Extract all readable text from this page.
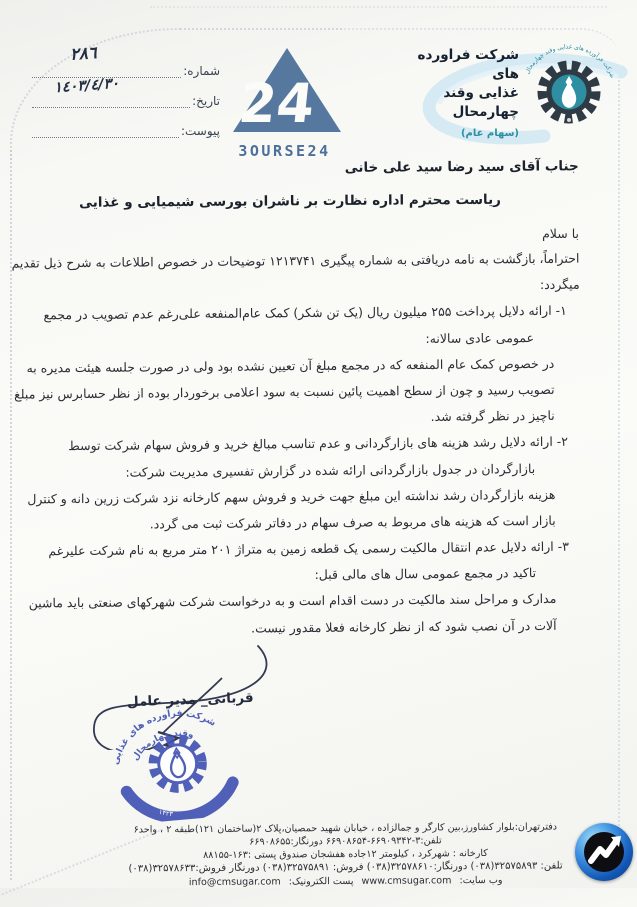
شماره:
٢٨٦
تاریخ:
١٤٠٣/٤/٣٠
پیوست:
شرکت فرآورده های غذایی وقند چهارمحال
شرکت فراورده های
غذایی وقند
چهارمحال
(سهام عام)
24
3OURSE24
جناب آقای سید رضا سید علی خانی
ریاست محترم اداره نظارت بر ناشران بورسی شیمیایی و غذایی
با سلام
احتراماً، بازگشت به نامه دریافتی به شماره پیگیری ۱۲۱۳۷۴۱ توضیحات در خصوص اطلاعات به شرح ذیل تقدیم
میگردد:
۱- ارائه دلایل پرداخت ۲۵۵ میلیون ریال (یک تن شکر) کمک عام‌المنفعه علی‌رغم عدم تصویب در مجمع
عمومی عادی سالانه:
در خصوص کمک عام المنفعه که در مجمع مبلغ آن تعیین نشده بود ولی در صورت جلسه هیئت مدیره به
تصویب رسید و چون از سطح اهمیت پائین نسبت به سود اعلامی برخوردار بوده از نظر حسابرس نیز مبلغ
ناچیز در نظر گرفته شد.
۲- ارائه دلایل رشد هزینه های بازارگردانی و عدم تناسب مبالغ خرید و فروش سهام شرکت توسط
بازارگردان در جدول بازارگردانی ارائه شده در گزارش تفسیری مدیریت شرکت:
هزینه بازارگردان رشد نداشته این مبلغ جهت خرید و فروش سهم کارخانه نزد شرکت زرین دانه و کنترل
بازار است که هزینه های مربوط به صرف سهام در دفاتر شرکت ثبت می گردد.
۳- ارائه دلایل عدم انتقال مالکیت رسمی یک قطعه زمین به متراژ ۲۰۱ متر مربع به نام شرکت علیرغم
تاکید در مجمع عمومی سال های مالی قبل:
مدارک و مراحل سند مالکیت در دست اقدام است و به درخواست شرکت شهرکهای صنعتی باید ماشین
آلات در آن نصب شود که از نظر کارخانه فعلا مقدور نیست.
قربانی_ مدیر عامل
شرکت فرآورده های غذایی
وقند چهارمحال
۱۴۲۳
دفترتهران:بلوار کشاورز،بین کارگر و جمالزاده ، خیابان شهید حمصیان،پلاک ۲(ساختمان ۱۲۱)طبقه ۲ ، واحد۶
تلفن:۳-۶۶۹۰۹۳۴۲-۶۶۹۰۸۶۵۴ دورنگار:۶۶۹۰۸۶۵۵
کارخانه : شهرکرد ، کیلومتر ۱۲جاده هفشجان صندوق پستی :۱۶۳-۸۸۱۵۵
تلفن: ۳۲۵۷۵۸۹۳(۰۳۸) دورنگار:۳۲۵۷۸۶۱۰(۰۳۸) فروش: ۳۲۵۷۵۸۹۱(۰۳۸) دورنگار فروش:۳۲۵۷۸۶۳۳(۰۳۸)
وب سایت:www.cmsugar.comپست الکترونیک:info@cmsugar.com
